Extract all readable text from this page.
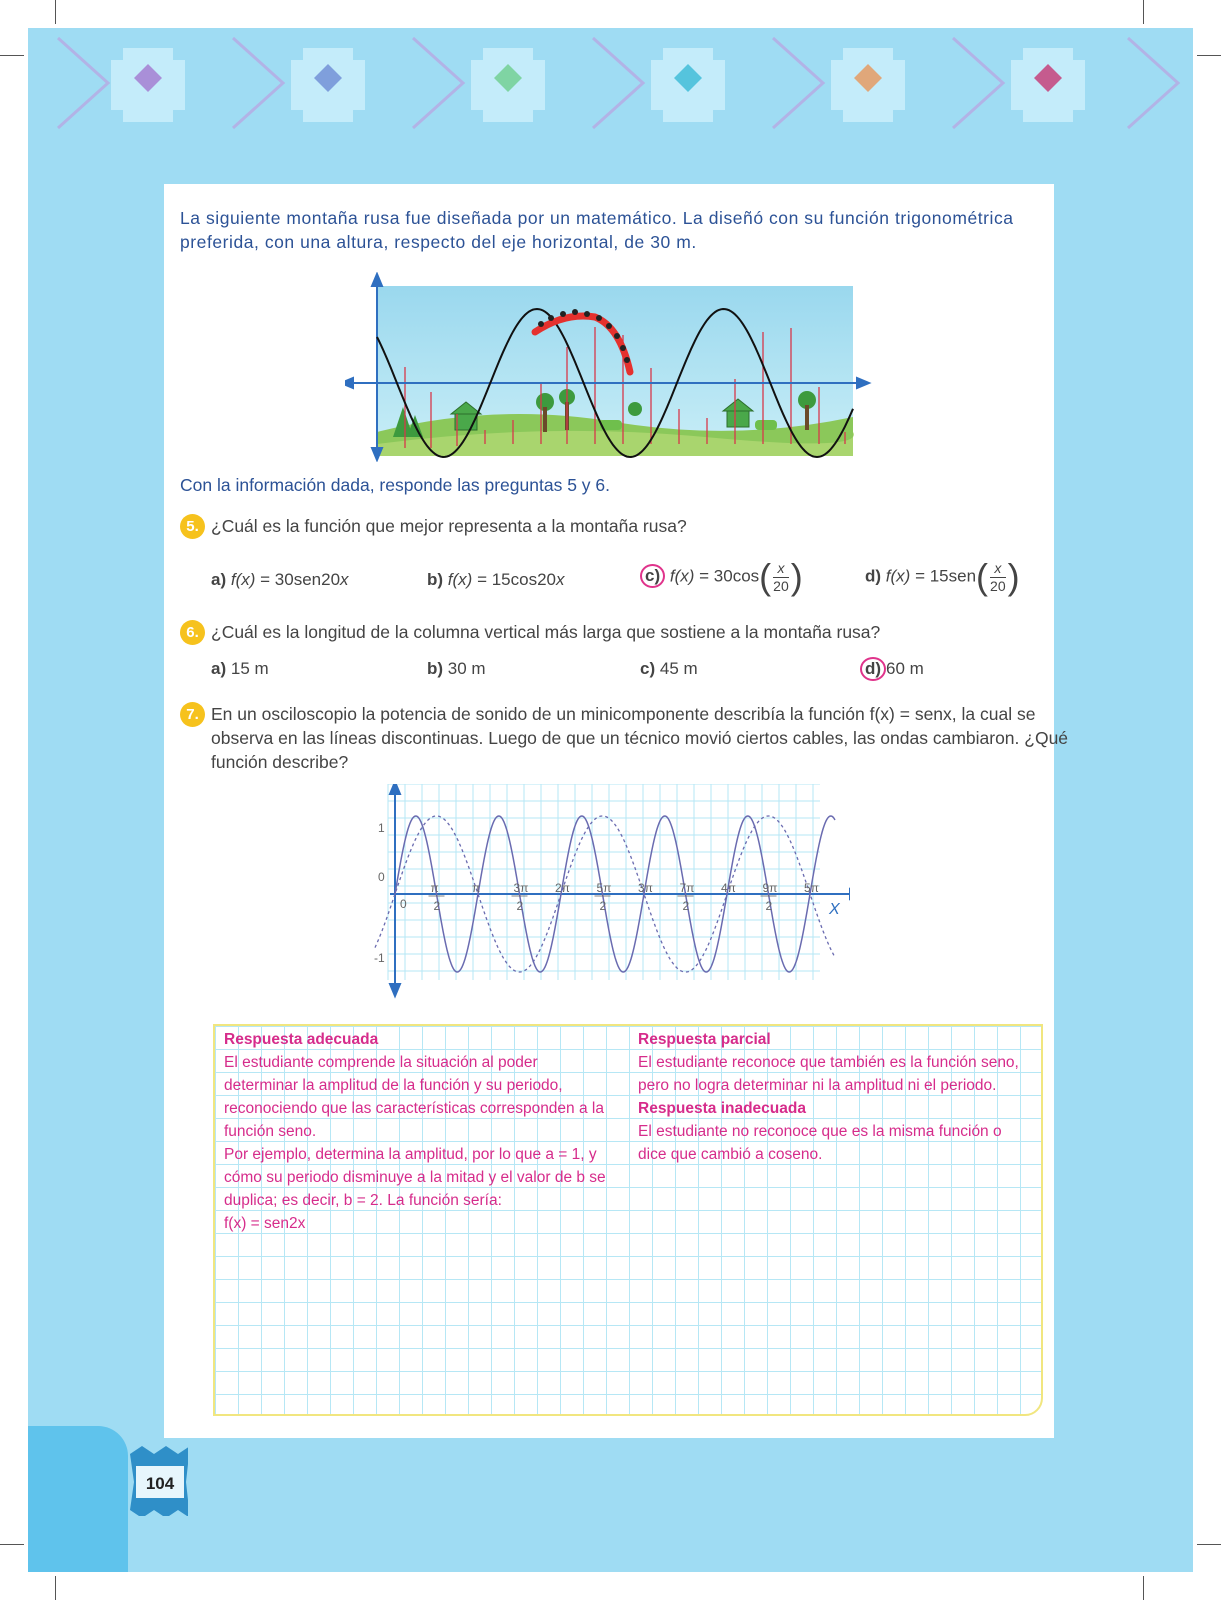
La siguiente montaña rusa fue diseñada por un matemático. La diseñó con su función trigonométrica
preferida, con una altura, respecto del eje horizontal, de 30 m.
Con la información dada, responde las preguntas 5 y 6.
5. ¿Cuál es la función que mejor representa a la montaña rusa?
a) f(x) = 30sen20x	b) f(x) = 15cos20x	c) $f(x) = 30\cos( \frac{x}{20}$ )	d) $f(x) = 15sen( \frac{x}{20}$ )
6. ¿Cuál es la longitud de la columna vertical más larga que sostiene a la montaña rusa?
a) 15 m	b) 30 m	c) 45 m	d) 60 m
7. En un osciloscopio la potencia de sonido de un minicomponente describía la función f(x) = senx, la cual se
observa en las líneas discontinuas. Luego de que un técnico movió ciertos cables, las ondas cambiaron. ¿Qué
función describe?
1
0
-1
0	X
π
2
π	3π
2
2π 5π
2
3π 7π
2
4π 9π
2
5π
Respuesta adecuada
El estudiante comprende la situación al poder
determinar la amplitud de la función y su periodo,
reconociendo que las características corresponden a la
función seno.
Por ejemplo, determina la amplitud, por lo que a = 1, y
cómo su periodo disminuye a la mitad y el valor de b se
duplica; es decir, b = 2. La función sería:
f(x) = sen2x
Respuesta parcial
El estudiante reconoce que también es la función seno,
pero no logra determinar ni la amplitud ni el periodo.
Respuesta inadecuada
El estudiante no reconoce que es la misma función o
dice que cambió a coseno.
104
